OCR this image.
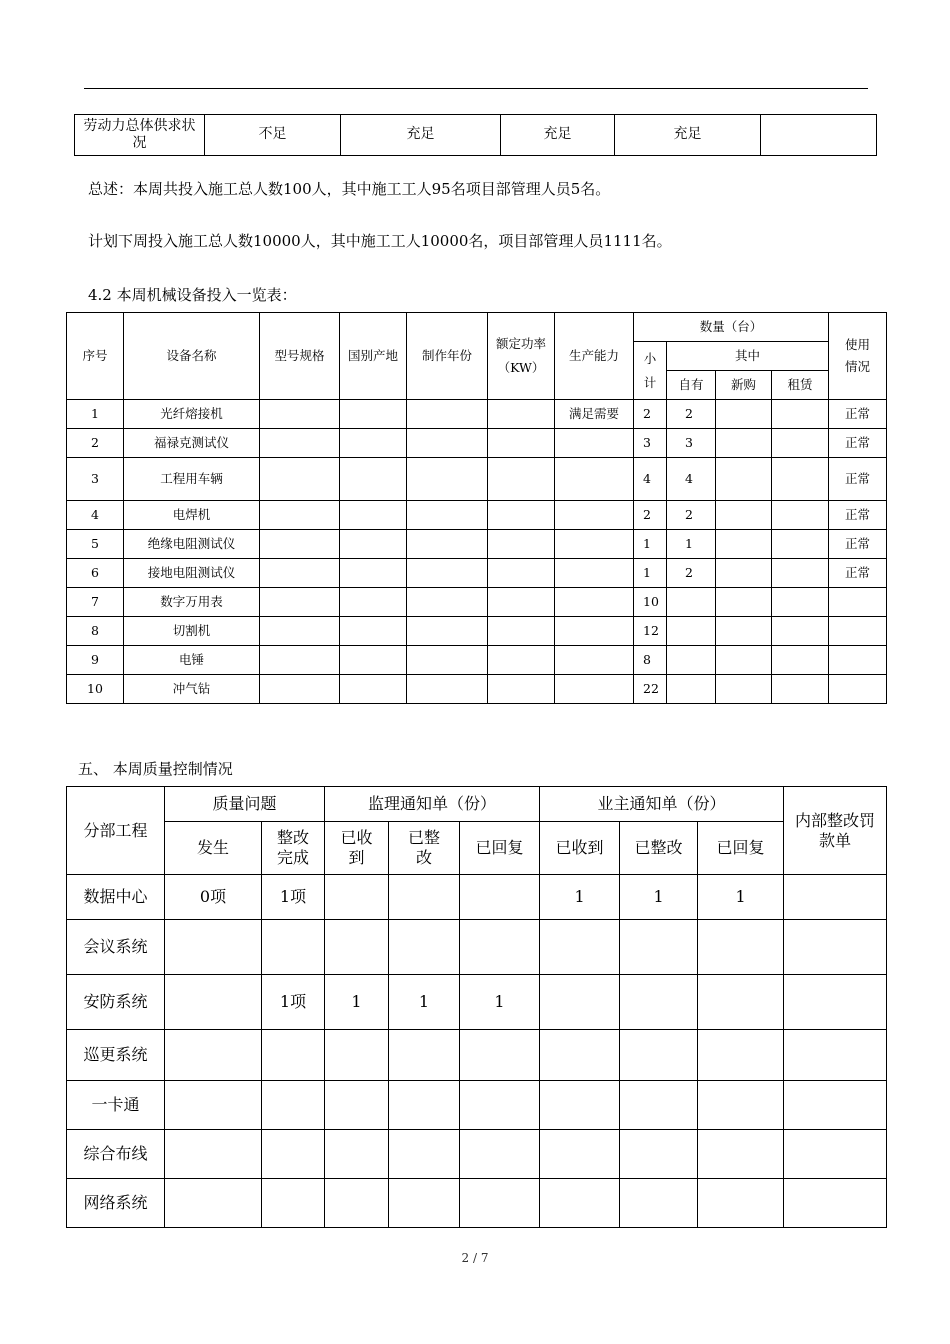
劳动力总体供求状况	不足	充足	充足	充足	
总述：本周共投入施工总人数100人，其中施工工人95名项目部管理人员5名。
计划下周投入施工总人数10000人，其中施工工人10000名，项目部管理人员1111名。
4.2 本周机械设备投入一览表：
序号	设备名称	型号规格	国别产地	制作年份	额定功率（KW）	生产能力	数量（台）				使用情况
							小计	其中			
								自有	新购	租赁	
1	光纤熔接机					满足需要	2	2			正常
2	福禄克测试仪						3	3			正常
3	工程用车辆						4	4			正常
4	电焊机						2	2			正常
5	绝缘电阻测试仪						1	1			正常
6	接地电阻测试仪						1	2			正常
7	数字万用表						10				
8	切割机						12				
9	电锤						8				
10	冲气钻						22				
五、 本周质量控制情况
分部工程	质量问题		监理通知单（份）			业主通知单（份）			内部整改罚款单
	发生	整改完成	已收到	已整改	已回复	已收到	已整改	已回复	
数据中心	0项	1项				1	1	1	
会议系统									
安防系统		1项	1	1	1				
巡更系统									
一卡通									
综合布线									
网络系统									
2 / 7
